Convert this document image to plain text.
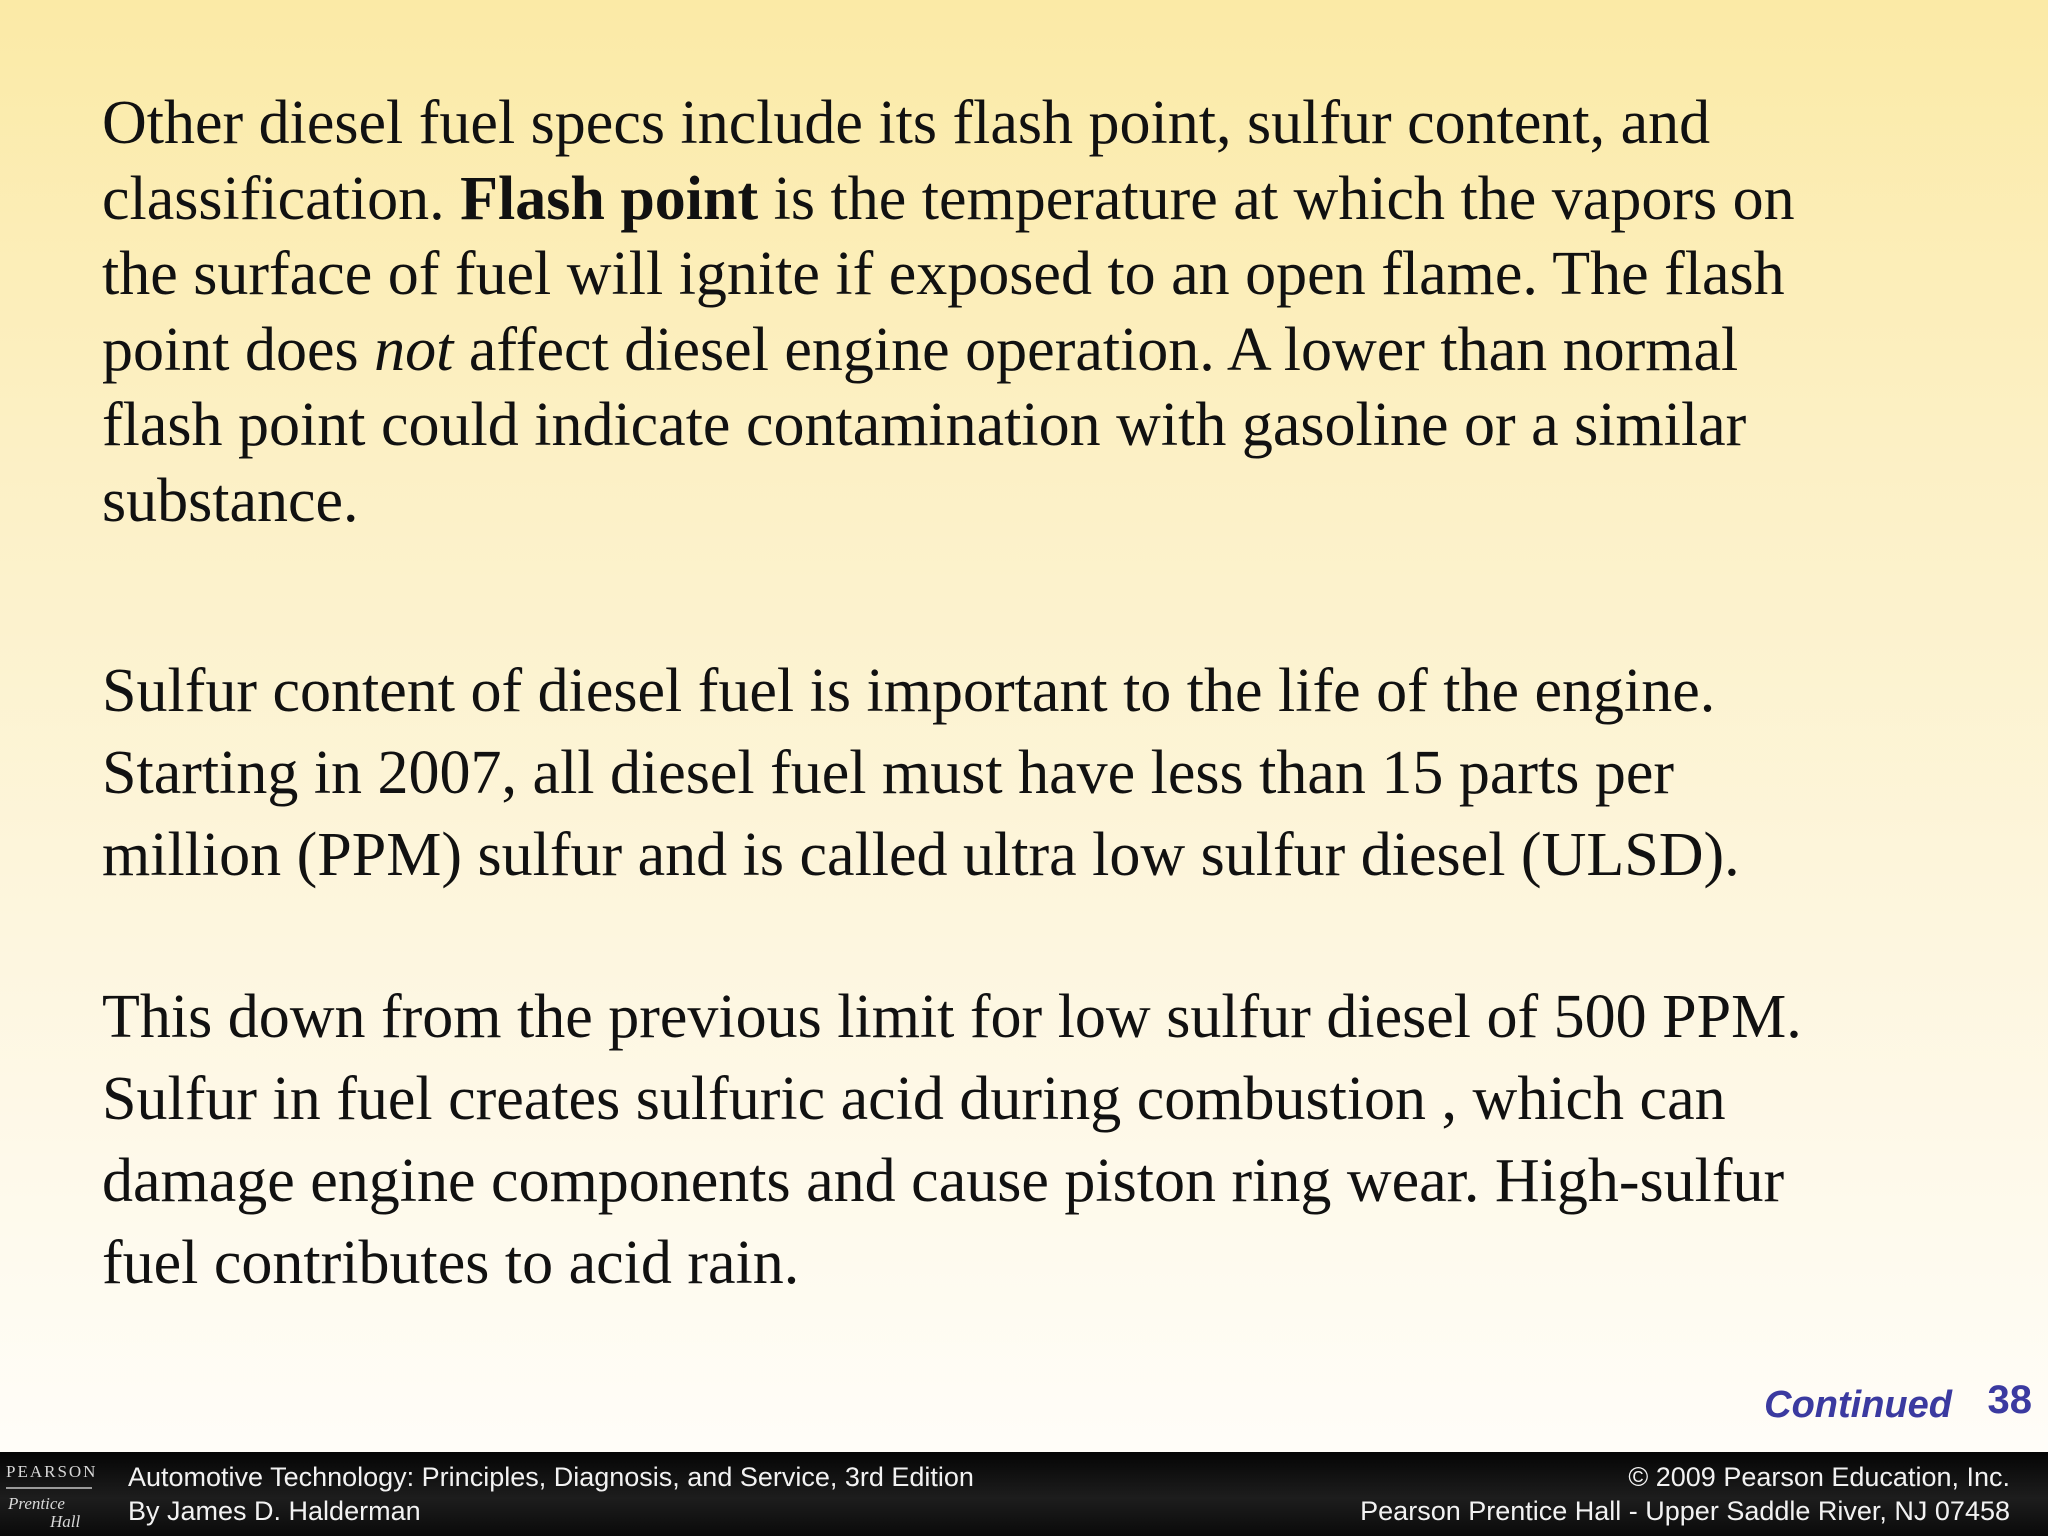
Other diesel fuel specs include its flash point, sulfur content, and
classification. Flash point is the temperature at which the vapors on
the surface of fuel will ignite if exposed to an open flame. The flash
point does not affect diesel engine operation. A lower than normal
flash point could indicate contamination with gasoline or a similar
substance.

Sulfur content of diesel fuel is important to the life of the engine.
Starting in 2007, all diesel fuel must have less than 15 parts per
million (PPM) sulfur and is called ultra low sulfur diesel (ULSD).

This down from the previous limit for low sulfur diesel of 500 PPM.
Sulfur in fuel creates sulfuric acid during combustion , which can
damage engine components and cause piston ring wear. High-sulfur
fuel contributes to acid rain.

Continued 38
PEARSON
Prentice
Hall
Automotive Technology: Principles, Diagnosis, and Service, 3rd Edition
By James D. Halderman
© 2009 Pearson Education, Inc.
Pearson Prentice Hall - Upper Saddle River, NJ 07458
